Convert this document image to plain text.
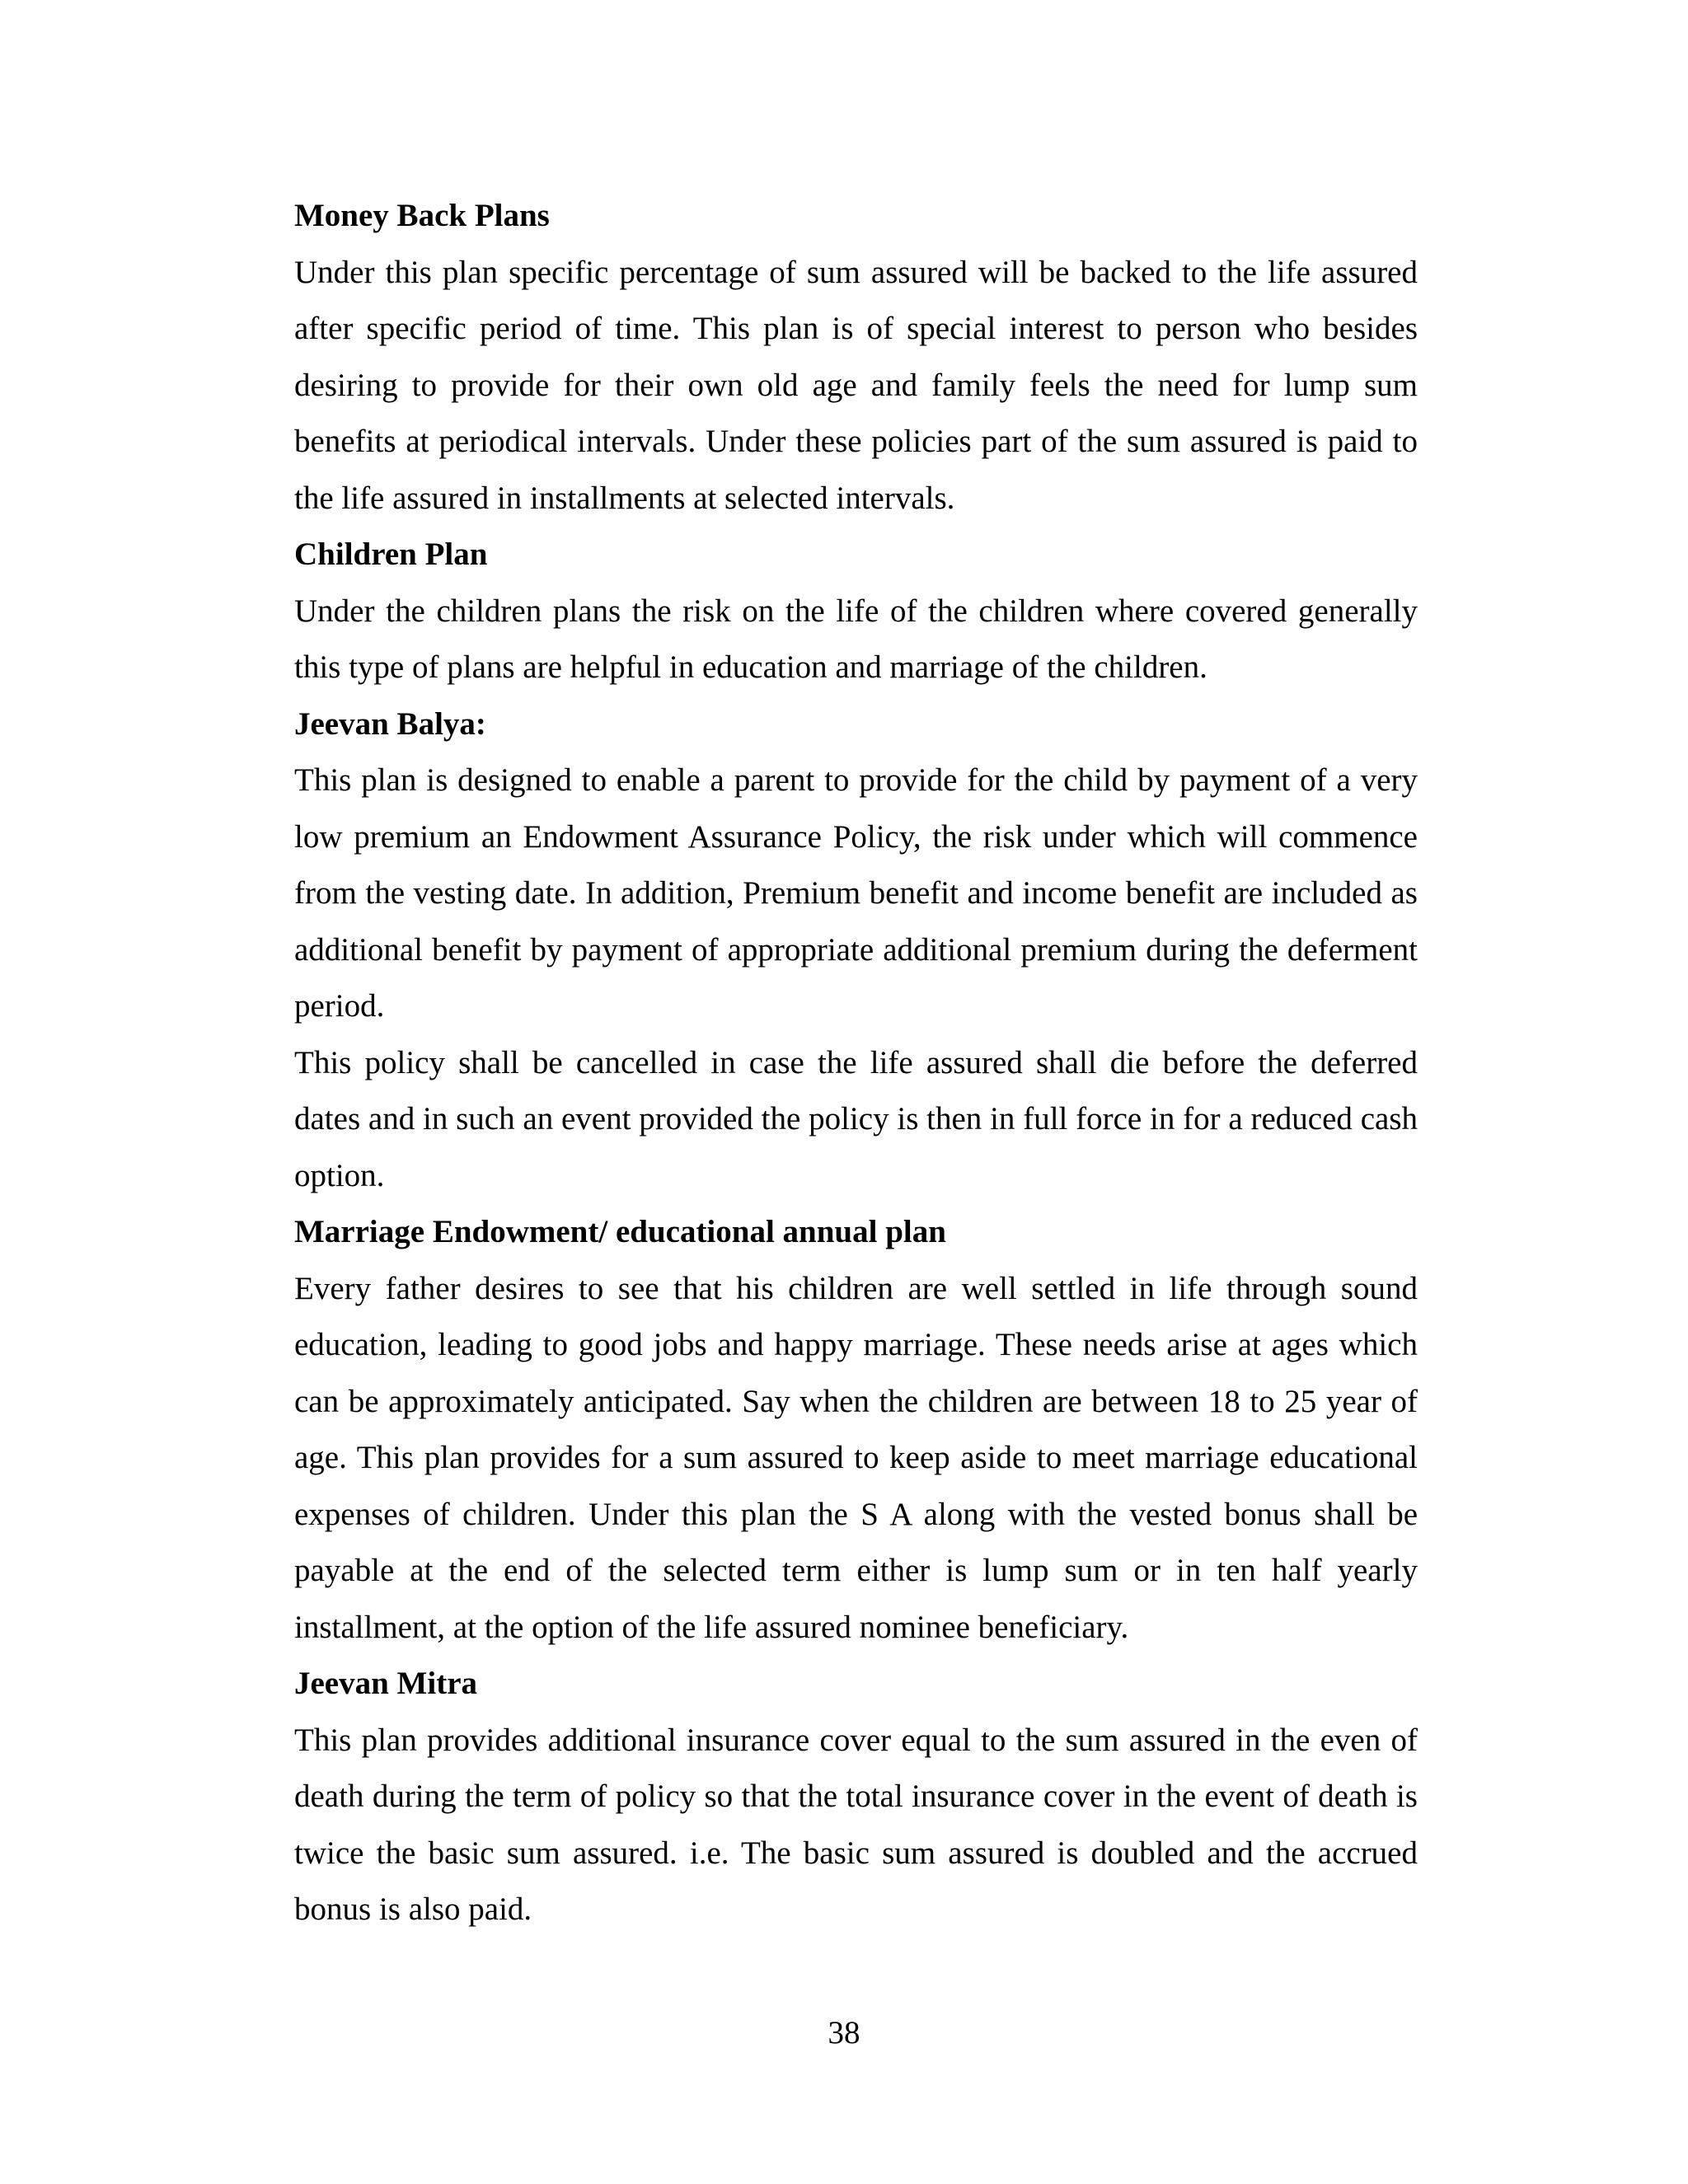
Money Back Plans

Under this plan specific percentage of sum assured will be backed to the life assured after specific period of time. This plan is of special interest to person who besides desiring to provide for their own old age and family feels the need for lump sum benefits at periodical intervals. Under these policies part of the sum assured is paid to the life assured in installments at selected intervals.

Children Plan

Under the children plans the risk on the life of the children where covered generally this type of plans are helpful in education and marriage of the children.

Jeevan Balya:

This plan is designed to enable a parent to provide for the child by payment of a very low premium an Endowment Assurance Policy, the risk under which will commence from the vesting date. In addition, Premium benefit and income benefit are included as additional benefit by payment of appropriate additional premium during the deferment period.

This policy shall be cancelled in case the life assured shall die before the deferred dates and in such an event provided the policy is then in full force in for a reduced cash option.

Marriage Endowment/ educational annual plan

Every father desires to see that his children are well settled in life through sound education, leading to good jobs and happy marriage. These needs arise at ages which can be approximately anticipated. Say when the children are between 18 to 25 year of age. This plan provides for a sum assured to keep aside to meet marriage educational expenses of children. Under this plan the S A along with the vested bonus shall be payable at the end of the selected term either is lump sum or in ten half yearly installment, at the option of the life assured nominee beneficiary.

Jeevan Mitra

This plan provides additional insurance cover equal to the sum assured in the even of death during the term of policy so that the total insurance cover in the event of death is twice the basic sum assured. i.e. The basic sum assured is doubled and the accrued bonus is also paid.

38
